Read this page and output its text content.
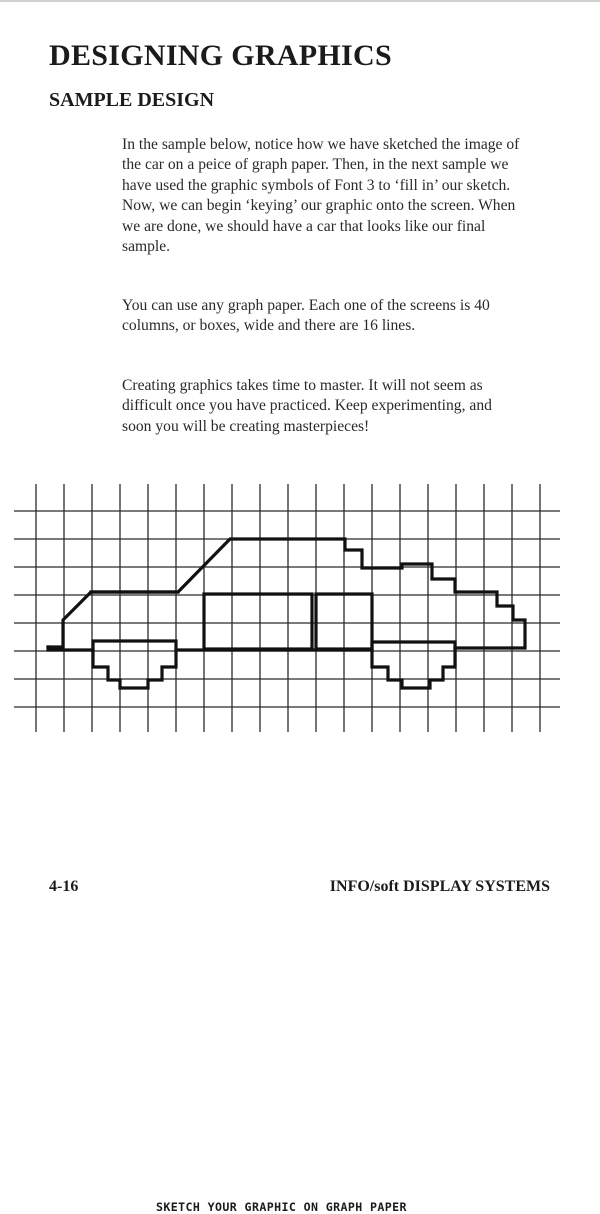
DESIGNING GRAPHICS
SAMPLE DESIGN

In the sample below, notice how we have sketched the image of the car on a peice of graph paper. Then, in the next sample we have used the graphic symbols of Font 3 to ‘fill in’ our sketch. Now, we can begin ‘keying’ our graphic onto the screen. When we are done, we should have a car that looks like our final sample.

You can use any graph paper. Each one of the screens is 40 columns, or boxes, wide and there are 16 lines.

Creating graphics takes time to master. It will not seem as difficult once you have practiced. Keep experimenting, and soon you will be creating masterpieces!

SKETCH YOUR GRAPHIC ON GRAPH PAPER
4-16	INFO/soft DISPLAY SYSTEMS
